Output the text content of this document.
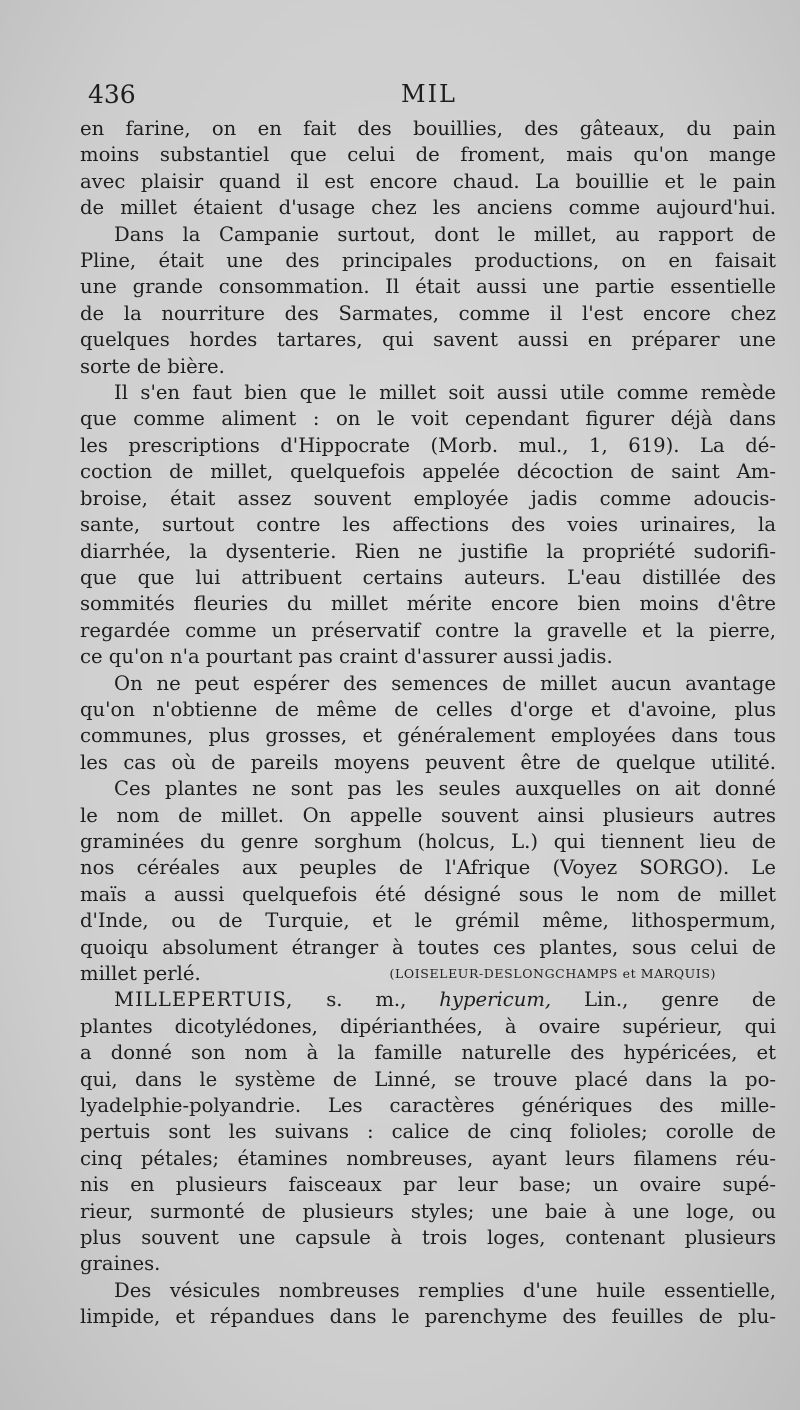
436	MIL
en farine, on en fait des bouillies, des gâteaux, du pain
moins substantiel que celui de froment, mais qu'on mange
avec plaisir quand il est encore chaud. La bouillie et le pain
de millet étaient d'usage chez les anciens comme aujourd'hui.
Dans la Campanie surtout, dont le millet, au rapport de
Pline, était une des principales productions, on en faisait
une grande consommation. Il était aussi une partie essentielle
de la nourriture des Sarmates, comme il l'est encore chez
quelques hordes tartares, qui savent aussi en préparer une
sorte de bière.
Il s'en faut bien que le millet soit aussi utile comme remède
que comme aliment : on le voit cependant figurer déjà dans
les prescriptions d'Hippocrate (Morb. mul., 1, 619). La dé-
coction de millet, quelquefois appelée décoction de saint Am-
broise, était assez souvent employée jadis comme adoucis-
sante, surtout contre les affections des voies urinaires, la
diarrhée, la dysenterie. Rien ne justifie la propriété sudorifi-
que que lui attribuent certains auteurs. L'eau distillée des
sommités fleuries du millet mérite encore bien moins d'être
regardée comme un préservatif contre la gravelle et la pierre,
ce qu'on n'a pourtant pas craint d'assurer aussi jadis.
On ne peut espérer des semences de millet aucun avantage
qu'on n'obtienne de même de celles d'orge et d'avoine, plus
communes, plus grosses, et généralement employées dans tous
les cas où de pareils moyens peuvent être de quelque utilité.
Ces plantes ne sont pas les seules auxquelles on ait donné
le nom de millet. On appelle souvent ainsi plusieurs autres
graminées du genre sorghum (holcus, L.) qui tiennent lieu de
nos céréales aux peuples de l'Afrique (Voyez SORGO). Le
maïs a aussi quelquefois été désigné sous le nom de millet
d'Inde, ou de Turquie, et le grémil même, lithospermum,
quoiqu absolument étranger à toutes ces plantes, sous celui de
millet perlé.	(LOISELEUR-DESLONGCHAMPS et MARQUIS)
MILLEPERTUIS, s. m., hypericum, Lin., genre de
plantes dicotylédones, dipérianthées, à ovaire supérieur, qui
a donné son nom à la famille naturelle des hypéricées, et
qui, dans le système de Linné, se trouve placé dans la po-
lyadelphie-polyandrie. Les caractères génériques des mille-
pertuis sont les suivans : calice de cinq folioles; corolle de
cinq pétales; étamines nombreuses, ayant leurs filamens réu-
nis en plusieurs faisceaux par leur base; un ovaire supé-
rieur, surmonté de plusieurs styles; une baie à une loge, ou
plus souvent une capsule à trois loges, contenant plusieurs
graines.
Des vésicules nombreuses remplies d'une huile essentielle,
limpide, et répandues dans le parenchyme des feuilles de plu-
